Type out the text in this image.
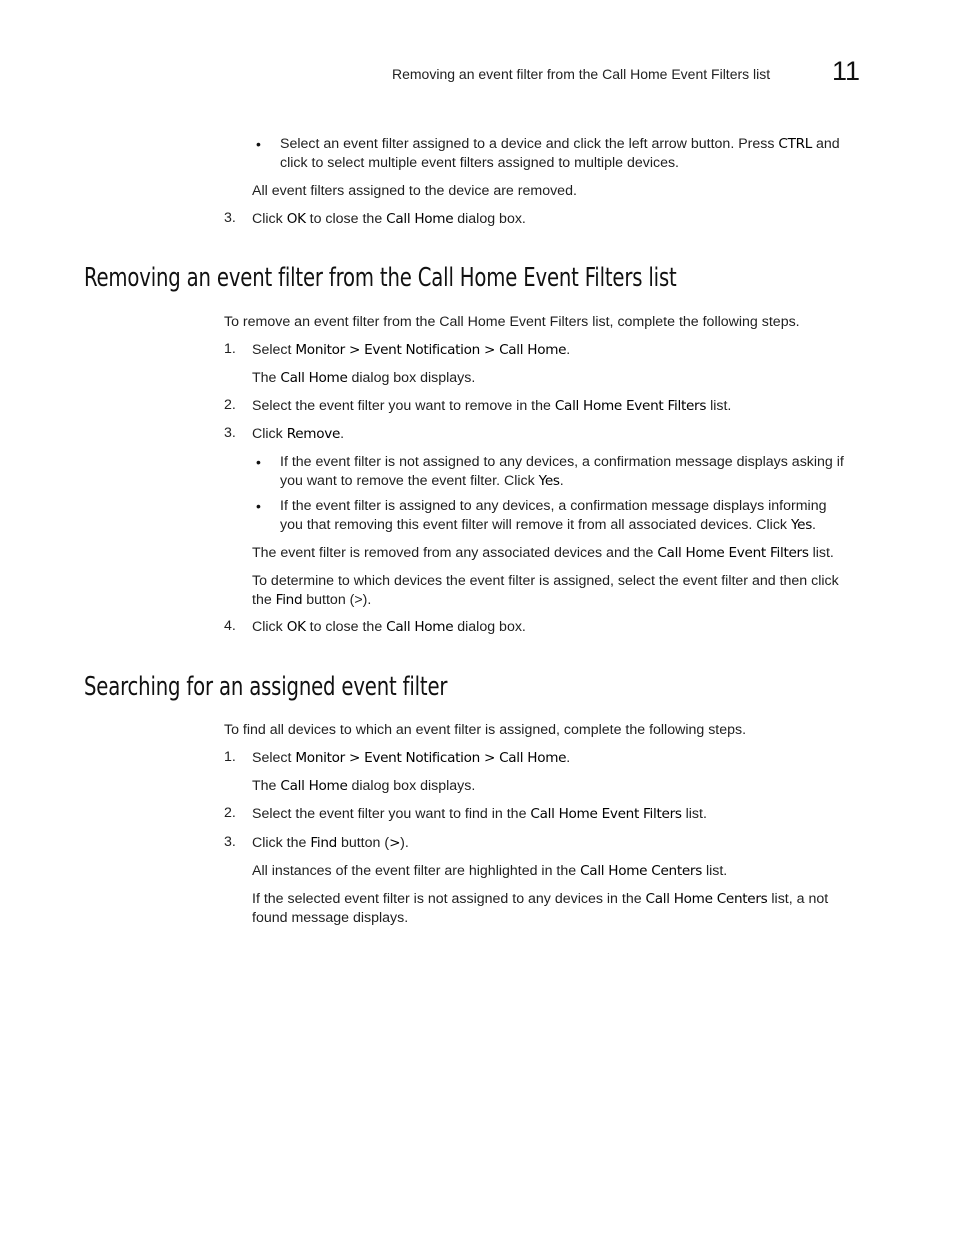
Removing an event filter from the Call Home Event Filters list 11
• Select an event filter assigned to a device and click the left arrow button. Press CTRL and
click to select multiple event filters assigned to multiple devices.
All event filters assigned to the device are removed.
3. Click OK to close the Call Home dialog box.
Removing an event filter from the Call Home Event Filters list
To remove an event filter from the Call Home Event Filters list, complete the following steps.
1. Select Monitor > Event Notification > Call Home.
The Call Home dialog box displays.
2. Select the event filter you want to remove in the Call Home Event Filters list.
3. Click Remove.
• If the event filter is not assigned to any devices, a confirmation message displays asking if
you want to remove the event filter. Click Yes.
• If the event filter is assigned to any devices, a confirmation message displays informing
you that removing this event filter will remove it from all associated devices. Click Yes.
The event filter is removed from any associated devices and the Call Home Event Filters list.
To determine to which devices the event filter is assigned, select the event filter and then click
the Find button (>).
4. Click OK to close the Call Home dialog box.
Searching for an assigned event filter
To find all devices to which an event filter is assigned, complete the following steps.
1. Select Monitor > Event Notification > Call Home.
The Call Home dialog box displays.
2. Select the event filter you want to find in the Call Home Event Filters list.
3. Click the Find button (>).
All instances of the event filter are highlighted in the Call Home Centers list.
If the selected event filter is not assigned to any devices in the Call Home Centers list, a not
found message displays.
